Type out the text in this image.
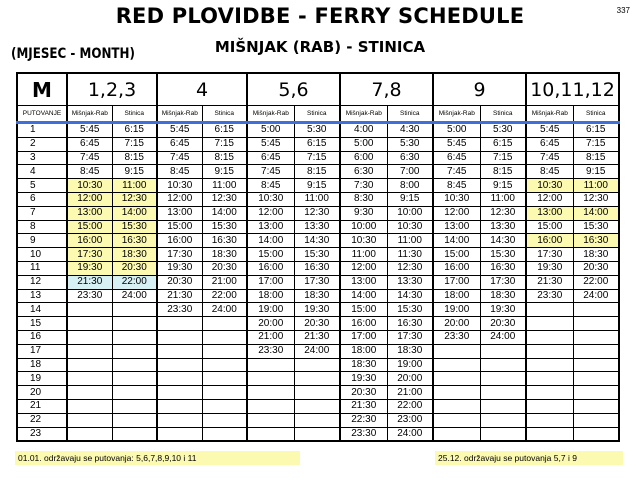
337
RED PLOVIDBE - FERRY SCHEDULE
MIŠNJAK (RAB) - STINICA
(MJESEC - MONTH)
M	1,2,3		4		5,6		7,8		9		10,11,12	
PUTOVANJE	Mišnjak-Rab	Stinica	Mišnjak-Rab	Stinica	Mišnjak-Rab	Stinica	Mišnjak-Rab	Stinica	Mišnjak-Rab	Stinica	Mišnjak-Rab	Stinica
1	5:45	6:15	5:45	6:15	5:00	5:30	4:00	4:30	5:00	5:30	5:45	6:15
2	6:45	7:15	6:45	7:15	5:45	6:15	5:00	5:30	5:45	6:15	6:45	7:15
3	7:45	8:15	7:45	8:15	6:45	7:15	6:00	6:30	6:45	7:15	7:45	8:15
4	8:45	9:15	8:45	9:15	7:45	8:15	6:30	7:00	7:45	8:15	8:45	9:15
5	10:30	11:00	10:30	11:00	8:45	9:15	7:30	8:00	8:45	9:15	10:30	11:00
6	12:00	12:30	12:00	12:30	10:30	11:00	8:30	9:15	10:30	11:00	12:00	12:30
7	13:00	14:00	13:00	14:00	12:00	12:30	9:30	10:00	12:00	12:30	13:00	14:00
8	15:00	15:30	15:00	15:30	13:00	13:30	10:00	10:30	13:00	13:30	15:00	15:30
9	16:00	16:30	16:00	16:30	14:00	14:30	10:30	11:00	14:00	14:30	16:00	16:30
10	17:30	18:30	17:30	18:30	15:00	15:30	11:00	11:30	15:00	15:30	17:30	18:30
11	19:30	20:30	19:30	20:30	16:00	16:30	12:00	12:30	16:00	16:30	19:30	20:30
12	21:30	22:00	20:30	21:00	17:00	17:30	13:00	13:30	17:00	17:30	21:30	22:00
13	23:30	24:00	21:30	22:00	18:00	18:30	14:00	14:30	18:00	18:30	23:30	24:00
14			23:30	24:00	19:00	19:30	15:00	15:30	19:00	19:30		
15					20:00	20:30	16:00	16:30	20:00	20:30		
16					21:00	21:30	17:00	17:30	23:30	24:00		
17					23:30	24:00	18:00	18:30				
18							18:30	19:00				
19							19:30	20:00				
20							20:30	21:00				
21							21:30	22:00				
22							22:30	23:00				
23							23:30	24:00				
01.01. održavaju se putovanja: 5,6,7,8,9,10 i 11	25.12. održavaju se putovanja 5,7 i 9
